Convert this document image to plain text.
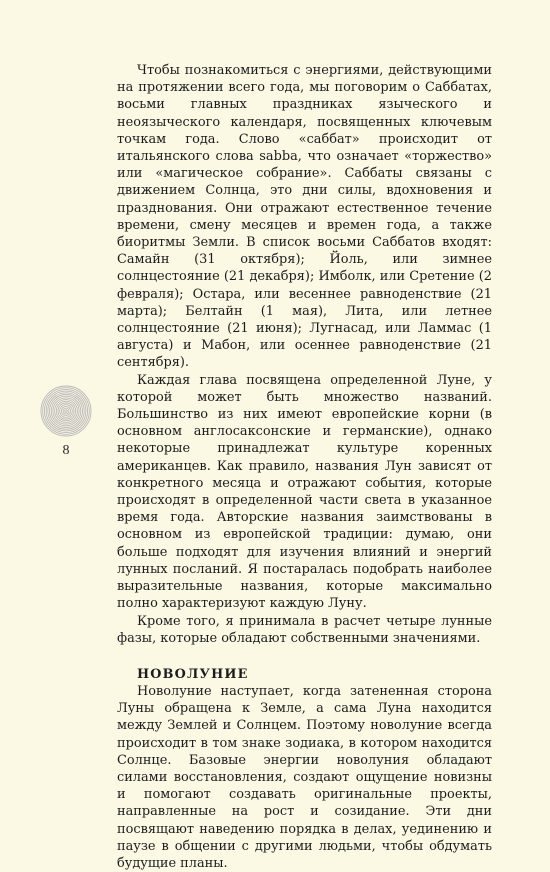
8

Чтобы познакомиться с энергиями, действующими на протяжении всего года, мы поговорим о Саббатах, восьми главных праздниках языческого и неоязыческого календаря, посвященных ключевым точкам года. Слово «саббат» происходит от итальянского слова sabba, что означает «торжество» или «магическое собрание». Саббаты связаны с движением Солнца, это дни силы, вдохновения и празднования. Они отражают естественное течение времени, смену месяцев и времен года, а также биоритмы Земли. В список восьми Саббатов входят: Самайн (31 октября); Йоль, или зимнее солнцестояние (21 декабря); Имболк, или Сретение (2 февраля); Остара, или весеннее равноденствие (21 марта); Белтайн (1 мая), Лита, или летнее солнцестояние (21 июня); Лугнасад, или Ламмас (1 августа) и Мабон, или осеннее равноденствие (21 сентября).

Каждая глава посвящена определенной Луне, у которой может быть множество названий. Большинство из них имеют европейские корни (в основном англосаксонские и германские), однако некоторые принадлежат культуре коренных американцев. Как правило, названия Лун зависят от конкретного месяца и отражают события, которые происходят в определенной части света в указанное время года. Авторские названия заимствованы в основном из европейской традиции: думаю, они больше подходят для изучения влияний и энергий лунных посланий. Я постаралась подобрать наиболее выразительные названия, которые максимально полно характеризуют каждую Луну.

Кроме того, я принимала в расчет четыре лунные фазы, которые обладают собственными значениями.

НОВОЛУНИЕ

Новолуние наступает, когда затененная сторона Луны обращена к Земле, а сама Луна находится между Землей и Солнцем. Поэтому новолуние всегда происходит в том знаке зодиака, в котором находится Солнце. Базовые энергии новолуния обладают силами восстановления, создают ощущение новизны и помогают создавать оригинальные проекты, направленные на рост и созидание. Эти дни посвящают наведению порядка в делах, уединению и паузе в общении с другими людьми, чтобы обдумать будущие планы.
